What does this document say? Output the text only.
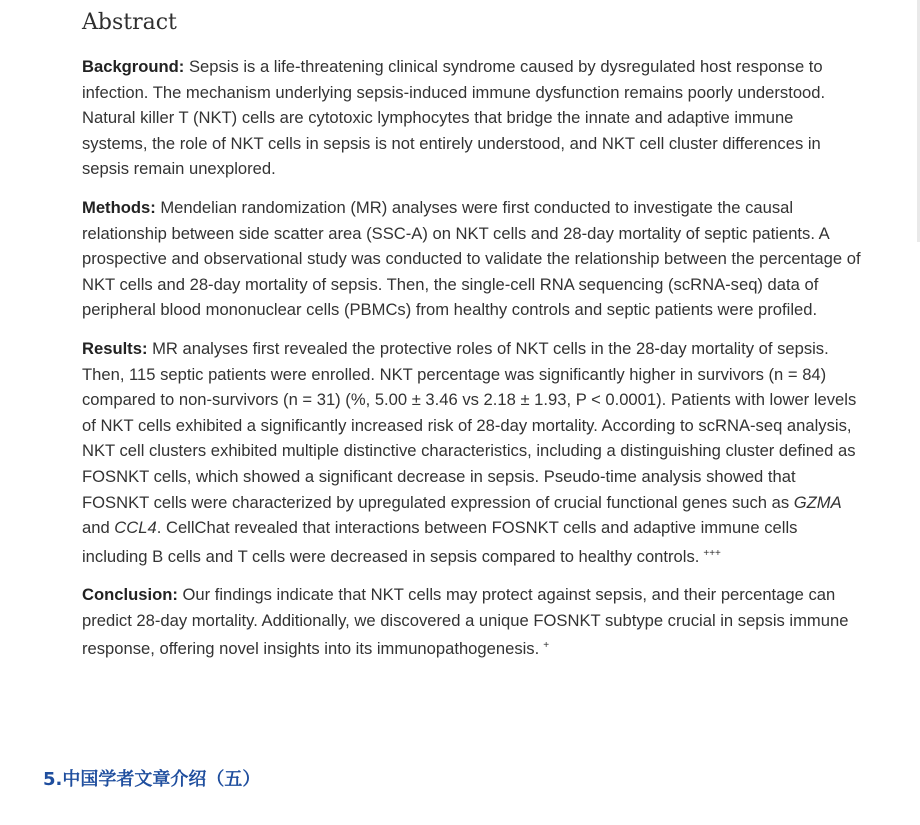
Abstract

Background: Sepsis is a life-threatening clinical syndrome caused by dysregulated host response to infection. The mechanism underlying sepsis-induced immune dysfunction remains poorly understood. Natural killer T (NKT) cells are cytotoxic lymphocytes that bridge the innate and adaptive immune systems, the role of NKT cells in sepsis is not entirely understood, and NKT cell cluster differences in sepsis remain unexplored.

Methods: Mendelian randomization (MR) analyses were first conducted to investigate the causal relationship between side scatter area (SSC-A) on NKT cells and 28-day mortality of septic patients. A prospective and observational study was conducted to validate the relationship between the percentage of NKT cells and 28-day mortality of sepsis. Then, the single-cell RNA sequencing (scRNA-seq) data of peripheral blood mononuclear cells (PBMCs) from healthy controls and septic patients were profiled.

Results: MR analyses first revealed the protective roles of NKT cells in the 28-day mortality of sepsis. Then, 115 septic patients were enrolled. NKT percentage was significantly higher in survivors (n = 84) compared to non-survivors (n = 31) (%, 5.00 ± 3.46 vs 2.18 ± 1.93, P < 0.0001). Patients with lower levels of NKT cells exhibited a significantly increased risk of 28-day mortality. According to scRNA-seq analysis, NKT cell clusters exhibited multiple distinctive characteristics, including a distinguishing cluster defined as FOSNKT cells, which showed a significant decrease in sepsis. Pseudo-time analysis showed that FOSNKT cells were characterized by upregulated expression of crucial functional genes such as GZMA and CCL4. CellChat revealed that interactions between FOSNKT cells and adaptive immune cells including B cells and T cells were decreased in sepsis compared to healthy controls. +++

Conclusion: Our findings indicate that NKT cells may protect against sepsis, and their percentage can predict 28-day mortality. Additionally, we discovered a unique FOSNKT subtype crucial in sepsis immune response, offering novel insights into its immunopathogenesis. +

5.中国学者文章介绍（五）
